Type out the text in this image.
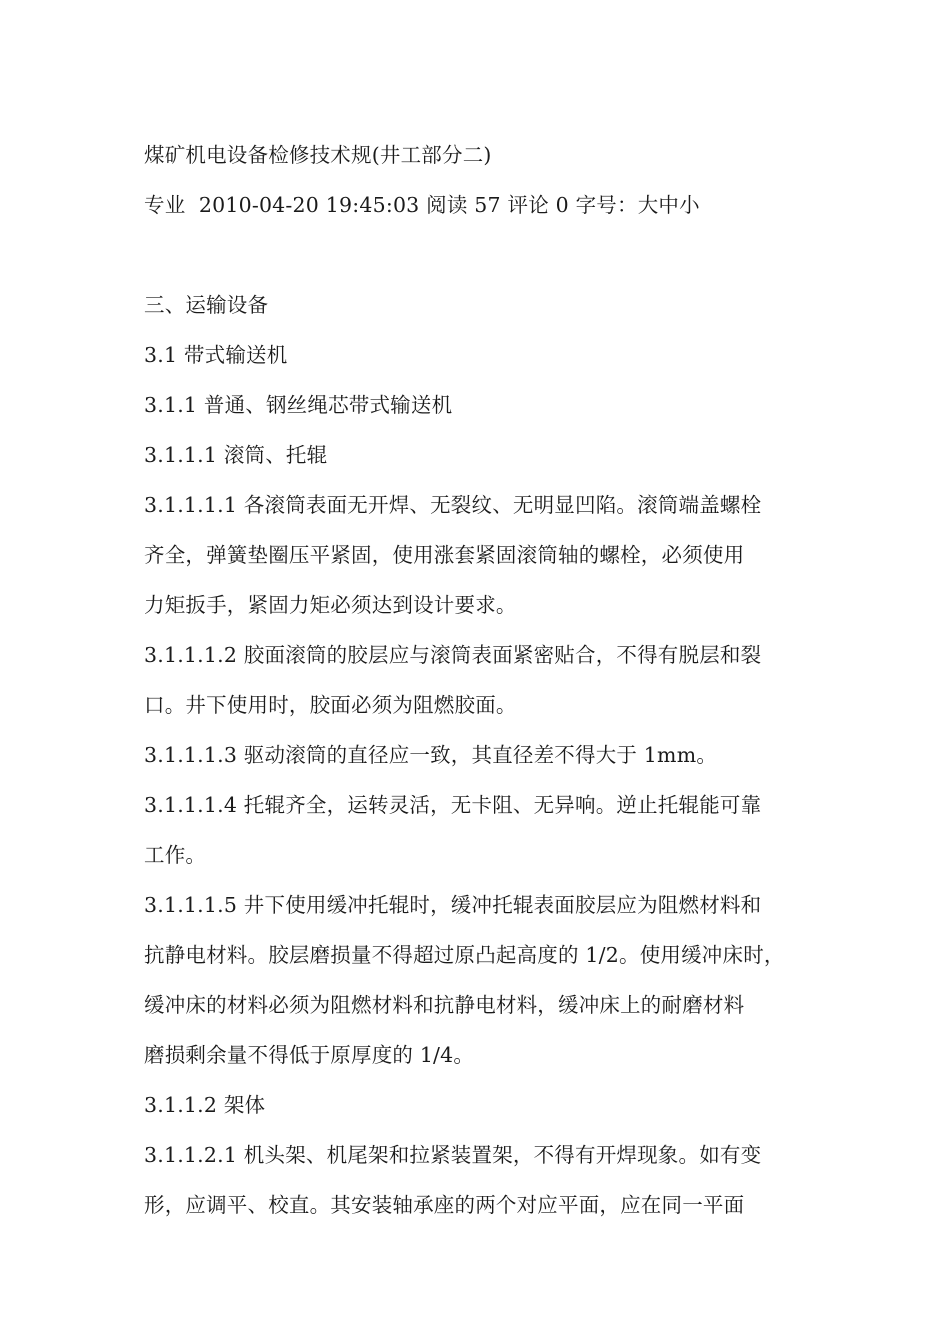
煤矿机电设备检修技术规(井工部分二)
专业 2010-04-20 19:45:03 阅读 57 评论 0 字号：大中小
三、运输设备
3.1 带式输送机
3.1.1 普通、钢丝绳芯带式输送机
3.1.1.1 滚筒、托辊
3.1.1.1.1 各滚筒表面无开焊、无裂纹、无明显凹陷。滚筒端盖螺栓
齐全，弹簧垫圈压平紧固，使用涨套紧固滚筒轴的螺栓，必须使用
力矩扳手，紧固力矩必须达到设计要求。
3.1.1.1.2 胶面滚筒的胶层应与滚筒表面紧密贴合，不得有脱层和裂
口。井下使用时，胶面必须为阻燃胶面。
3.1.1.1.3 驱动滚筒的直径应一致，其直径差不得大于 1mm。
3.1.1.1.4 托辊齐全，运转灵活，无卡阻、无异响。逆止托辊能可靠
工作。
3.1.1.1.5 井下使用缓冲托辊时，缓冲托辊表面胶层应为阻燃材料和
抗静电材料。胶层磨损量不得超过原凸起高度的 1/2。使用缓冲床时，
缓冲床的材料必须为阻燃材料和抗静电材料，缓冲床上的耐磨材料
磨损剩余量不得低于原厚度的 1/4。
3.1.1.2 架体
3.1.1.2.1 机头架、机尾架和拉紧装置架，不得有开焊现象。如有变
形，应调平、校直。其安装轴承座的两个对应平面，应在同一平面
